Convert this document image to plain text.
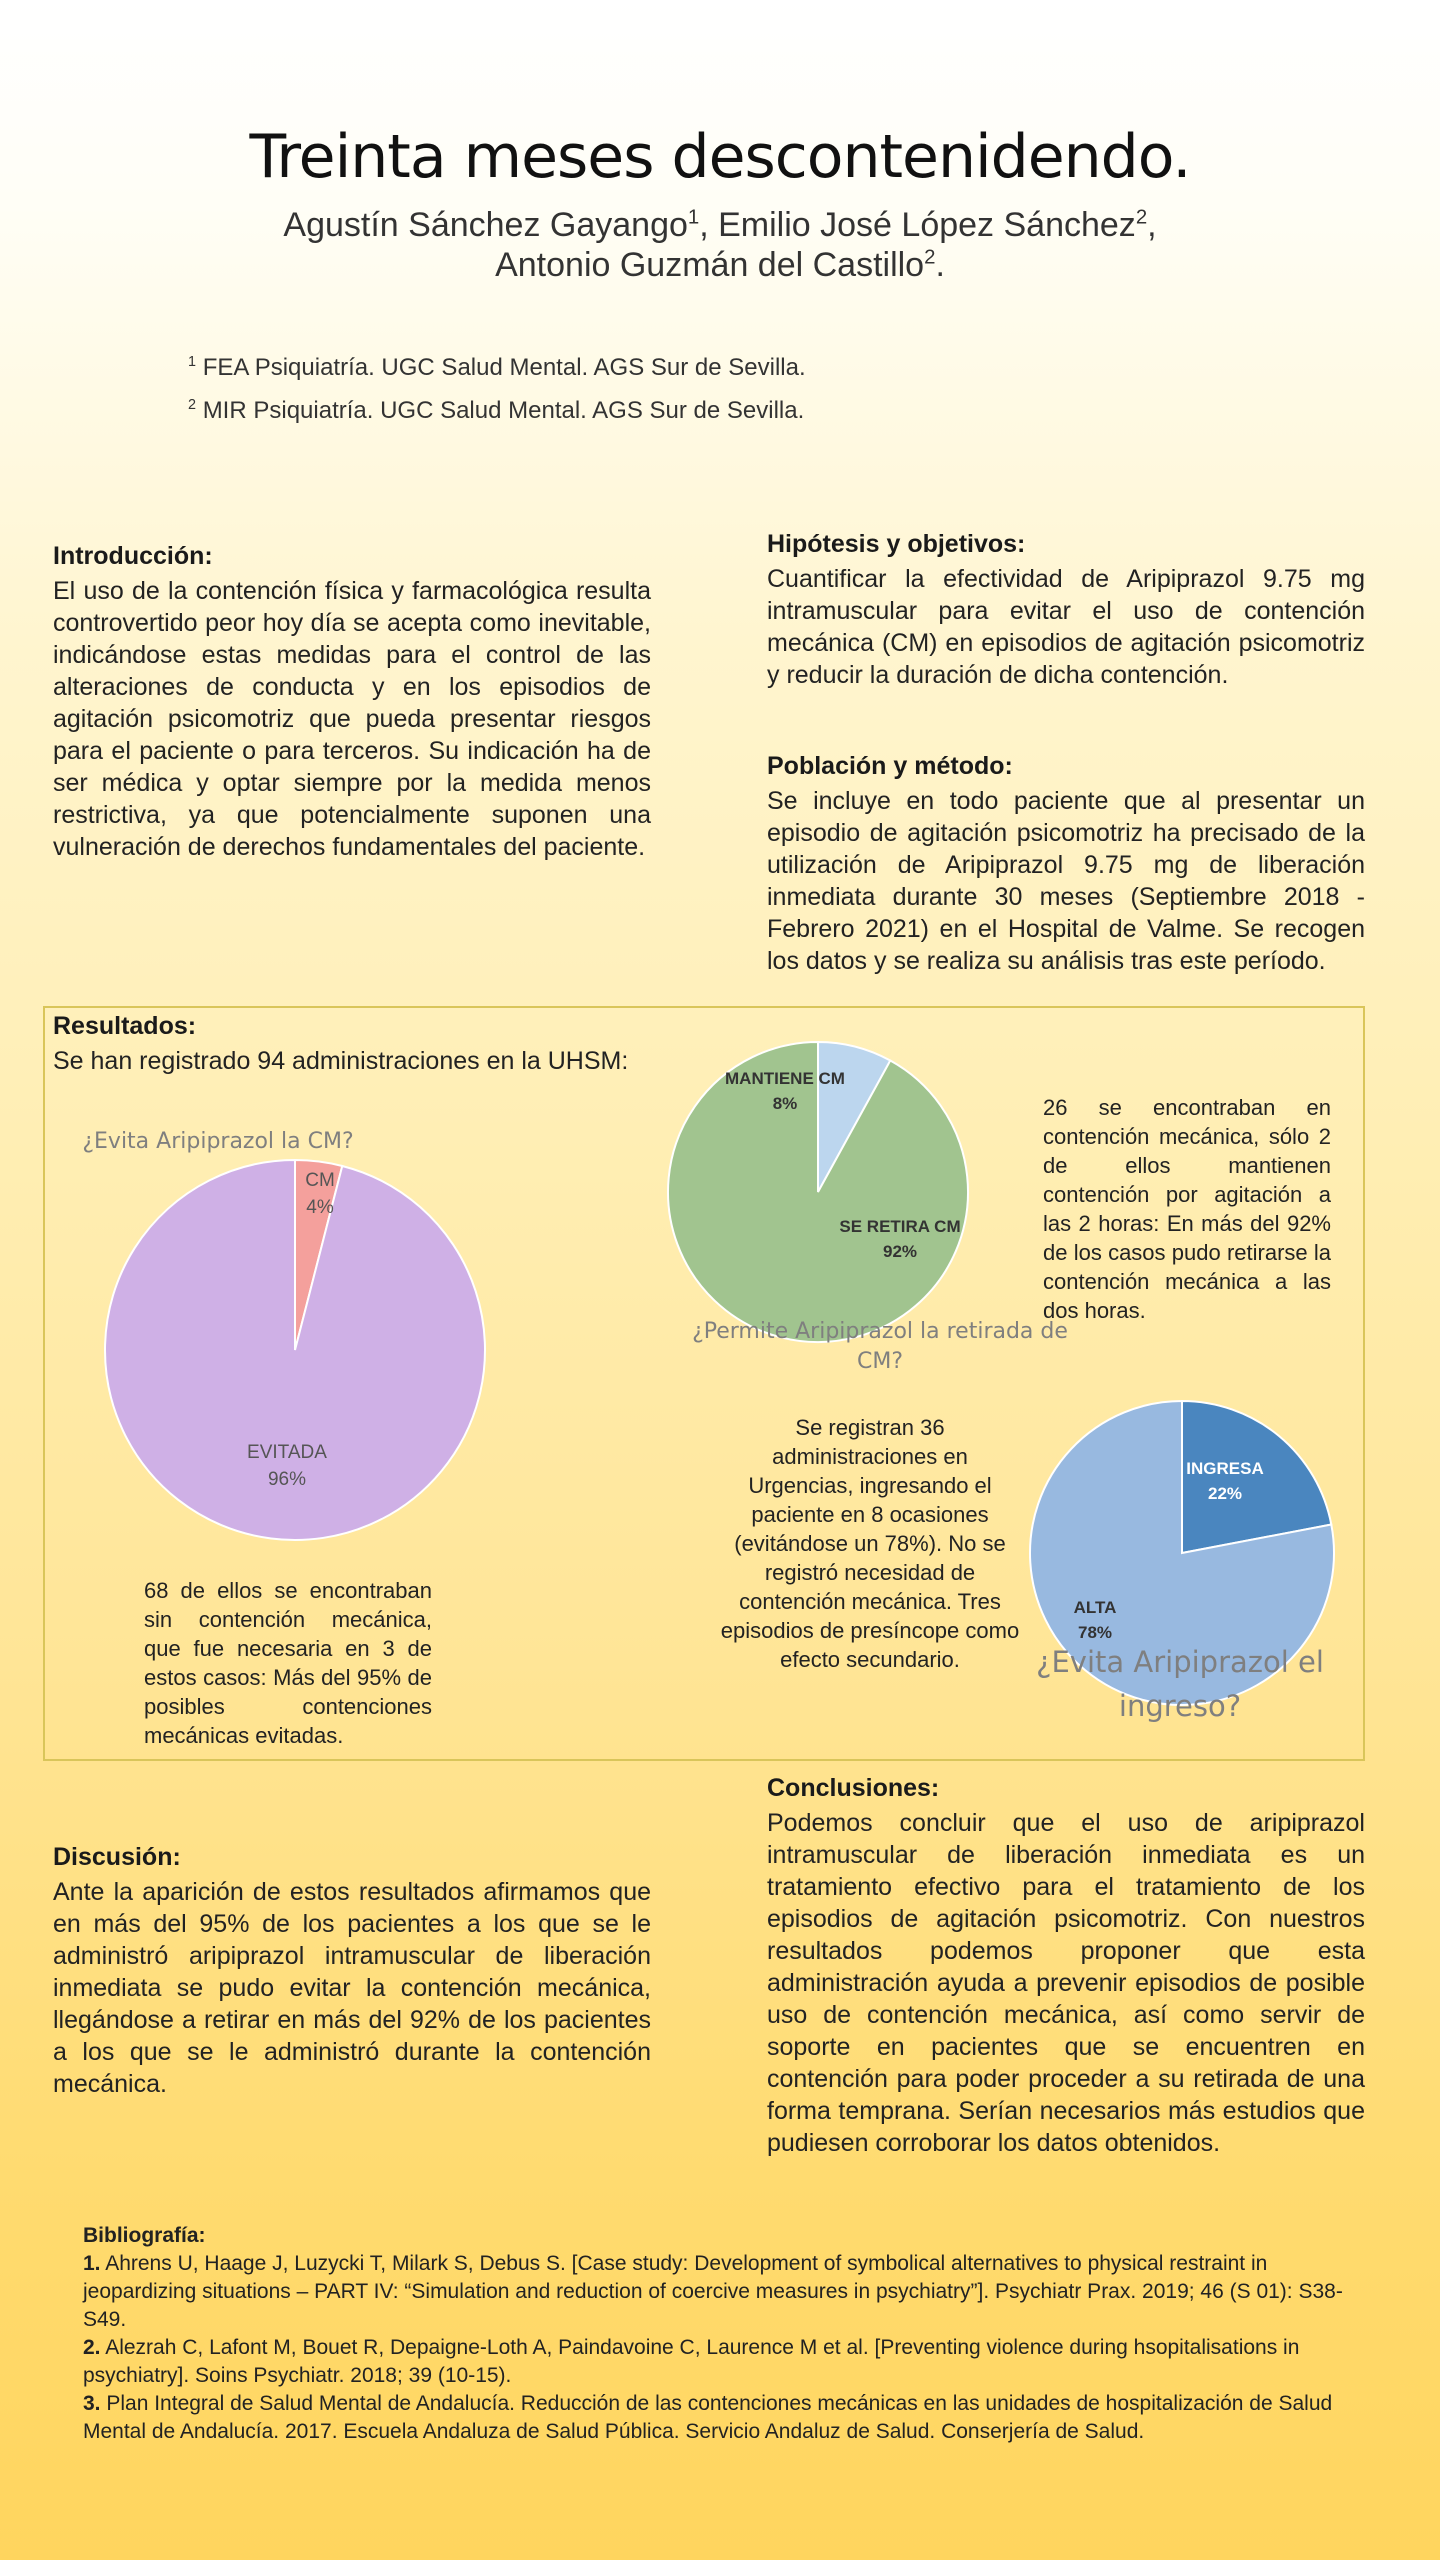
Treinta meses descontenidendo.
Agustín Sánchez Gayango$^1$, Emilio José López Sánchez$^2$,
Antonio Guzmán del Castillo$^2$.
$^1$ FEA Psiquiatría. UGC Salud Mental. AGS Sur de Sevilla.
$^2$ MIR Psiquiatría. UGC Salud Mental. AGS Sur de Sevilla.
Introducción:
El uso de la contención física y farmacológica resulta controvertido peor hoy día se acepta como inevitable, indicándose estas medidas para el control de las alteraciones de conducta y en los episodios de agitación psicomotriz que pueda presentar riesgos para el paciente o para terceros. Su indicación ha de ser médica y optar siempre por la medida menos restrictiva, ya que potencialmente suponen una vulneración de derechos fundamentales del paciente.
Hipótesis y objetivos:
Cuantificar la efectividad de Aripiprazol 9.75 mg intramuscular para evitar el uso de contención mecánica (CM) en episodios de agitación psicomotriz y reducir la duración de dicha contención.
Población y método:
Se incluye en todo paciente que al presentar un episodio de agitación psicomotriz ha precisado de la utilización de Aripiprazol 9.75 mg de liberación inmediata durante 30 meses (Septiembre 2018 - Febrero 2021) en el Hospital de Valme. Se recogen los datos y se realiza su análisis tras este período.
Resultados:
Se han registrado 94 administraciones en la UHSM:
CM
4%
EVITADA
96%
¿Evita Aripiprazol la CM?
MANTIENE CM
8%
SE RETIRA CM
92%
¿Permite Aripiprazol la retirada de
CM?
INGRESA
22%
ALTA
78%
¿Evita Aripiprazol el
ingreso?
68 de ellos se encontraban sin contención mecánica, que fue necesaria en 3 de estos casos: Más del 95% de posibles contenciones mecánicas evitadas.
26 se encontraban en contención mecánica, sólo 2 de ellos mantienen contención por agitación a las 2 horas: En más del 92% de los casos pudo retirarse la contención mecánica a las dos horas.
Se registran 36 administraciones en Urgencias, ingresando el paciente en 8 ocasiones (evitándose un 78%). No se registró necesidad de contención mecánica. Tres episodios de presíncope como efecto secundario.
Discusión:
Ante la aparición de estos resultados afirmamos que en más del 95% de los pacientes a los que se le administró aripiprazol intramuscular de liberación inmediata se pudo evitar la contención mecánica, llegándose a retirar en más del 92% de los pacientes a los que se le administró durante la contención mecánica.
Conclusiones:
Podemos concluir que el uso de aripiprazol intramuscular de liberación inmediata es un tratamiento efectivo para el tratamiento de los episodios de agitación psicomotriz. Con nuestros resultados podemos proponer que esta administración ayuda a prevenir episodios de posible uso de contención mecánica, así como servir de soporte en pacientes que se encuentren en contención para poder proceder a su retirada de una forma temprana. Serían necesarios más estudios que pudiesen corroborar los datos obtenidos.
Bibliografía:

1. Ahrens U, Haage J, Luzycki T, Milark S, Debus S. [Case study: Development of symbolical alternatives to physical restraint in jeopardizing situations – PART IV: “Simulation and reduction of coercive measures in psychiatry”]. Psychiatr Prax. 2019; 46 (S 01): S38-S49.

2. Alezrah C, Lafont M, Bouet R, Depaigne-Loth A, Paindavoine C, Laurence M et al. [Preventing violence during hsopitalisations in psychiatry]. Soins Psychiatr. 2018; 39 (10-15).

3. Plan Integral de Salud Mental de Andalucía. Reducción de las contenciones mecánicas en las unidades de hospitalización de Salud Mental de Andalucía. 2017. Escuela Andaluza de Salud Pública. Servicio Andaluz de Salud. Conserjería de Salud.
